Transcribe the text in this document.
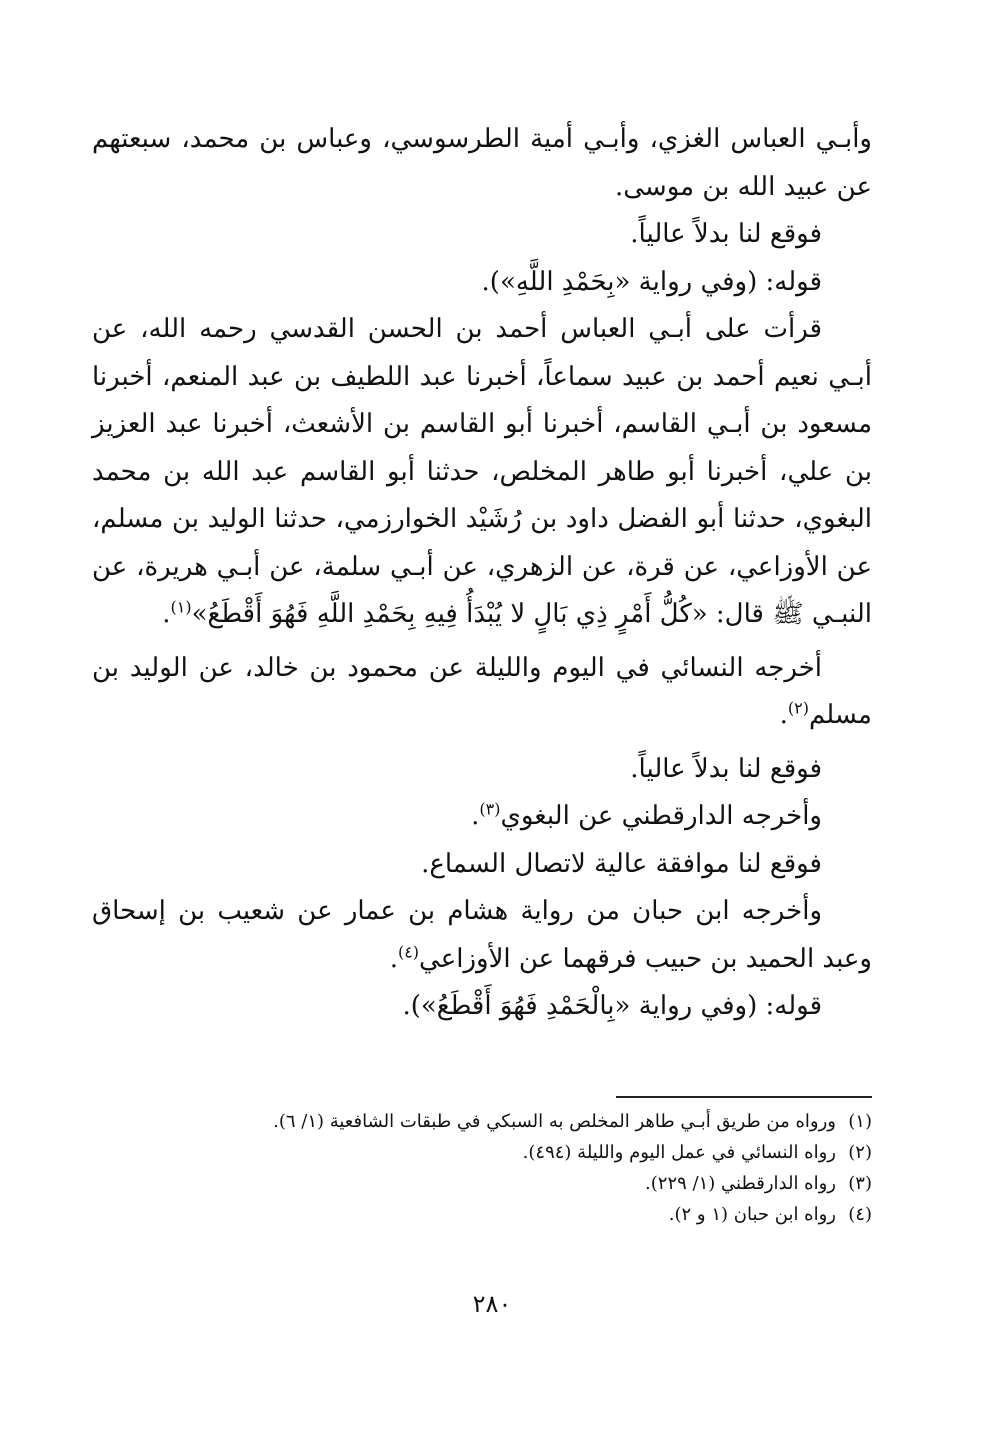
وأبـي العباس الغزي، وأبـي أمية الطرسوسي، وعباس بن محمد، سبعتهم عن عبيد الله بن موسى.

فوقع لنا بدلاً عالياً.

قوله: (وفي رواية «بِحَمْدِ اللَّهِ»).

قرأت على أبـي العباس أحمد بن الحسن القدسي رحمه الله، عن أبـي نعيم أحمد بن عبيد سماعاً، أخبرنا عبد اللطيف بن عبد المنعم، أخبرنا مسعود بن أبـي القاسم، أخبرنا أبو القاسم بن الأشعث، أخبرنا عبد العزيز بن علي، أخبرنا أبو طاهر المخلص، حدثنا أبو القاسم عبد الله بن محمد البغوي، حدثنا أبو الفضل داود بن رُشَيْد الخوارزمي، حدثنا الوليد بن مسلم، عن الأوزاعي، عن قرة، عن الزهري، عن أبـي سلمة، عن أبـي هريرة، عن النبـي ﷺ قال: «كُلُّ أَمْرٍ ذِي بَالٍ لا يُبْدَأُ فِيهِ بِحَمْدِ اللَّهِ فَهُوَ أَقْطَعُ»$^{(١)}$.

أخرجه النسائي في اليوم والليلة عن محمود بن خالد، عن الوليد بن مسلم$^{(٢)}$.

فوقع لنا بدلاً عالياً.

وأخرجه الدارقطني عن البغوي$^{(٣)}$.

فوقع لنا موافقة عالية لاتصال السماع.

وأخرجه ابن حبان من رواية هشام بن عمار عن شعيب بن إسحاق وعبد الحميد بن حبيب فرقهما عن الأوزاعي$^{(٤)}$.

قوله: (وفي رواية «بِالْحَمْدِ فَهُوَ أَقْطَعُ»).

(١)ورواه من طريق أبـي طاهر المخلص به السبكي في طبقات الشافعية (١/ ٦).
(٢)رواه النسائي في عمل اليوم والليلة (٤٩٤).
(٣)رواه الدارقطني (١/ ٢٢٩).
(٤)رواه ابن حبان (١ و ٢).
٢٨٠
